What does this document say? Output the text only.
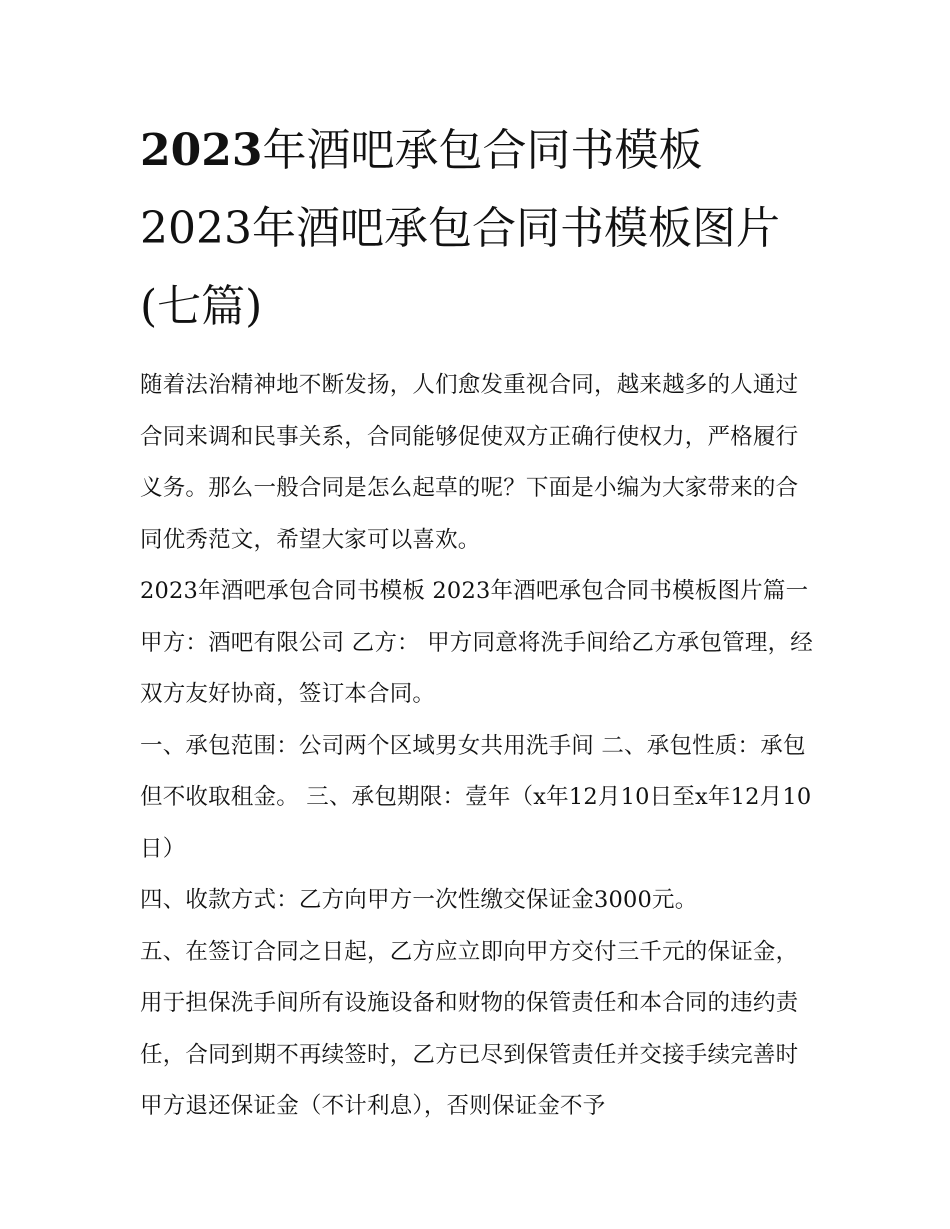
2023年酒吧承包合同书模板 2023年酒吧承包合同书模板图片(七篇)

随着法治精神地不断发扬，人们愈发重视合同，越来越多的人通过合同来调和民事关系，合同能够促使双方正确行使权力，严格履行义务。那么一般合同是怎么起草的呢？下面是小编为大家带来的合同优秀范文，希望大家可以喜欢。

2023年酒吧承包合同书模板 2023年酒吧承包合同书模板图片篇一 甲方：酒吧有限公司 乙方： 甲方同意将洗手间给乙方承包管理，经双方友好协商，签订本合同。

一、承包范围：公司两个区域男女共用洗手间 二、承包性质：承包但不收取租金。 三、承包期限：壹年（x年12月10日至x年12月10日）

四、收款方式：乙方向甲方一次性缴交保证金3000元。

五、在签订合同之日起，乙方应立即向甲方交付三千元的保证金，用于担保洗手间所有设施设备和财物的保管责任和本合同的违约责任，合同到期不再续签时，乙方已尽到保管责任并交接手续完善时甲方退还保证金（不计利息），否则保证金不予
